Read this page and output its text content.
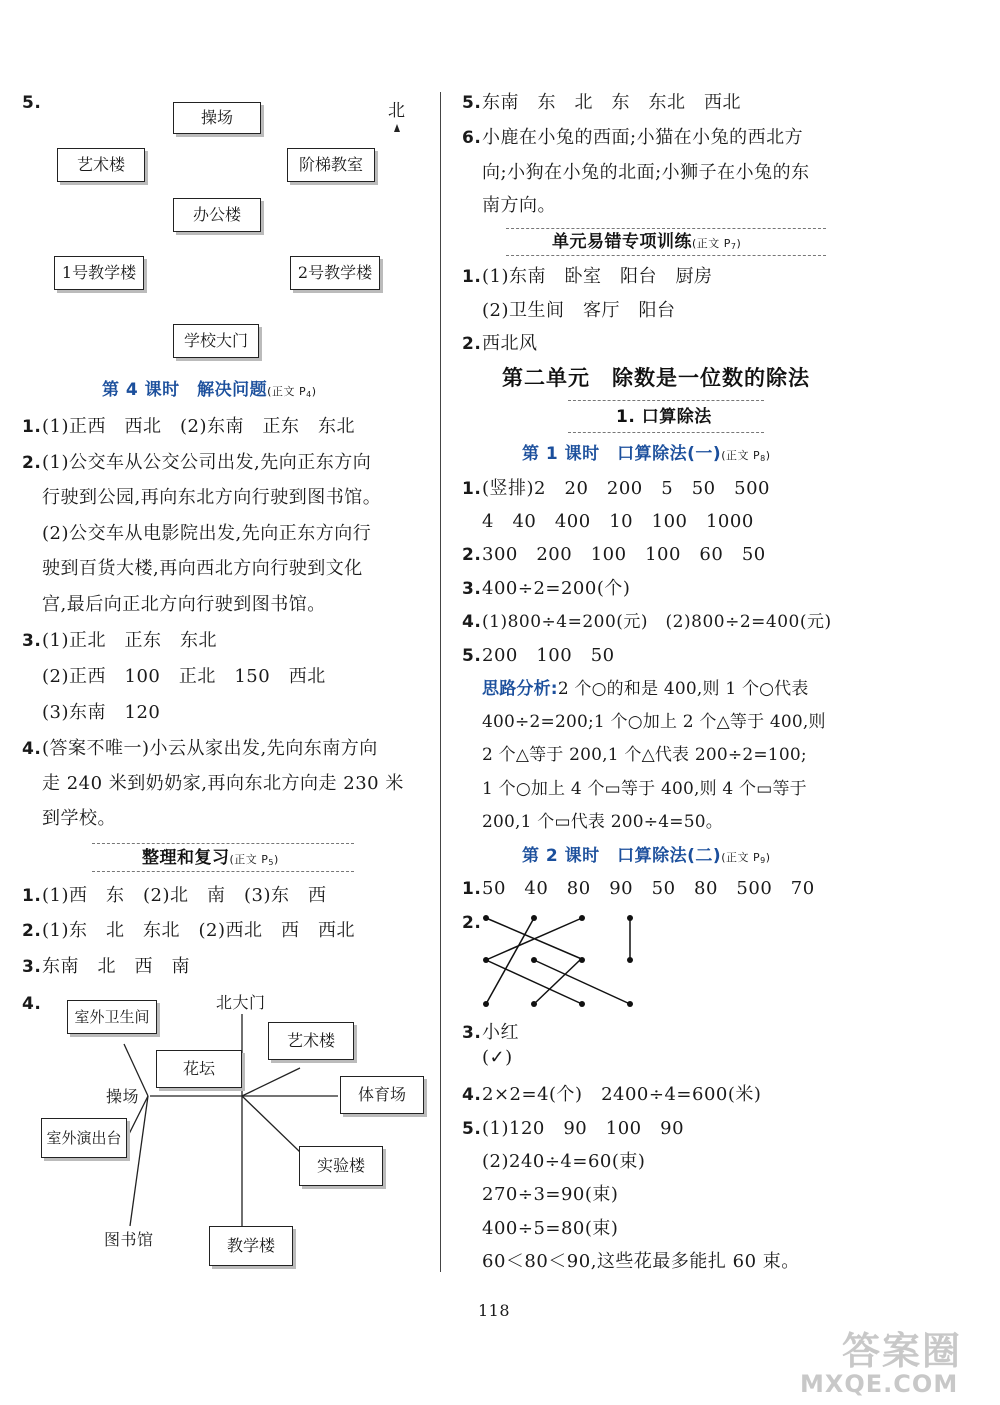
5.	北
操场
艺术楼	阶梯教室
办公楼
1号教学楼	2号教学楼
学校大门
第 4 课时　解决问题(正文 P4)
1. (1)正西　西北　(2)东南　正东　东北
2. (1)公交车从公交公司出发,先向正东方向
行驶到公园,再向东北方向行驶到图书馆。
(2)公交车从电影院出发,先向正东方向行
驶到百货大楼,再向西北方向行驶到文化
宫,最后向正北方向行驶到图书馆。
3. (1)正北　正东　东北
(2)正西　100　正北　150　西北
(3)东南　120
4. (答案不唯一)小云从家出发,先向东南方向
走 240 米到奶奶家,再向东北方向走 230 米
到学校。
整理和复习(正文 P5)
1. (1)西　东　(2)北　南　(3)东　西
2. (1)东　北　东北　(2)西北　西　西北
3. 东南　北　西　南
4.	北大门
室外卫生间
花坛
艺术楼
操场	体育场
室外演出台
实验楼
图书馆	教学楼
5. 东南　东　北　东　东北　西北
6. 小鹿在小兔的西面;小猫在小兔的西北方
向;小狗在小兔的北面;小狮子在小兔的东
南方向。
单元易错专项训练(正文 P7)
1. (1)东南　卧室　阳台　厨房
(2)卫生间　客厅　阳台
2. 西北风
第二单元　除数是一位数的除法
1. 口算除法
第 1 课时　口算除法(一)(正文 P8)
1. (竖排)2　20　200　5　50　500
4　40　400　10　100　1000
2. 300　200　100　100　60　50
3. 400÷2=200(个)
4. (1)800÷4=200(元)　(2)800÷2=400(元)
5. 200　100　50
思路分析:2 个○的和是 400,则 1 个○代表
400÷2=200;1 个○加上 2 个△等于 400,则
2 个△等于 200,1 个△代表 200÷2=100;
1 个○加上 4 个▭等于 400,则 4 个▭等于
200,1 个▭代表 200÷4=50。
第 2 课时　口算除法(二)(正文 P9)
1. 50　40　80　90　50　80　500　70
2.
3. 小红
(✓)
4. 2×2=4(个)　2400÷4=600(米)
5. (1)120　90　100　90
(2)240÷4=60(束)
270÷3=90(束)
400÷5=80(束)
60＜80＜90,这些花最多能扎 60 束。
118
答案圈
MXQE.COM
